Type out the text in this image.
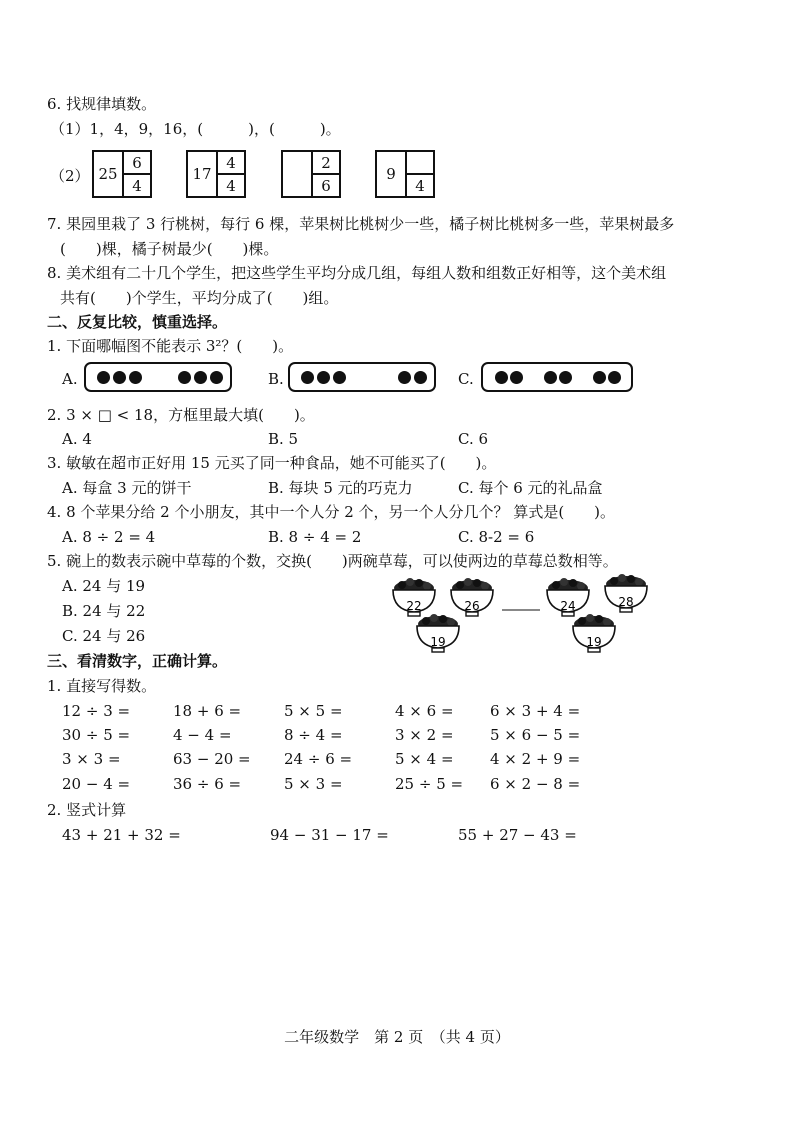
6. 找规律填数。
（1）1，4，9，16，(　　　)，(　　　)。
（2） 25
6
4
17
4
4
2
6
9
4
7. 果园里栽了 3 行桃树，每行 6 棵，苹果树比桃树少一些，橘子树比桃树多一些，苹果树最多
(　　)棵，橘子树最少(　　)棵。
8. 美术组有二十几个学生，把这些学生平均分成几组，每组人数和组数正好相等，这个美术组
共有(　　)个学生，平均分成了(　　)组。
二、反复比较，慎重选择。
1. 下面哪幅图不能表示 3²？(　　)。
A.	B.	C.
2. 3 × □ < 18，方框里最大填(　　)。
A. 4	B. 5	C. 6
3. 敏敏在超市正好用 15 元买了同一种食品，她不可能买了(　　)。
A. 每盒 3 元的饼干	B. 每块 5 元的巧克力	C. 每个 6 元的礼品盒
4. 8 个苹果分给 2 个小朋友，其中一个人分 2 个，另一个人分几个？ 算式是(　　)。
A. 8 ÷ 2 = 4	B. 8 ÷ 4 = 2	C. 8-2 = 6
5. 碗上的数表示碗中草莓的个数，交换(　　)两碗草莓，可以使两边的草莓总数相等。
A. 24 与 19
B. 24 与 22
C. 24 与 26
22	26
19
24	28
19
三、看清数字，正确计算。
1. 直接写得数。
2. 竖式计算
43 + 21 + 32 =	94 − 31 − 17 =	55 + 27 − 43 =
二年级数学　第 2 页　（共 4 页）
12 ÷ 3 =	18 + 6 =	5 × 5 =	4 × 6 = 6 × 3 + 4 =
30 ÷ 5 =	4 − 4 =	8 ÷ 4 =	3 × 2 = 5 × 6 − 5 =
3 × 3 =	63 − 20 = 24 ÷ 6 =	5 × 4 = 4 × 2 + 9 =
20 − 4 =	36 ÷ 6 =	5 × 3 =	25 ÷ 5 = 6 × 2 − 8 =
